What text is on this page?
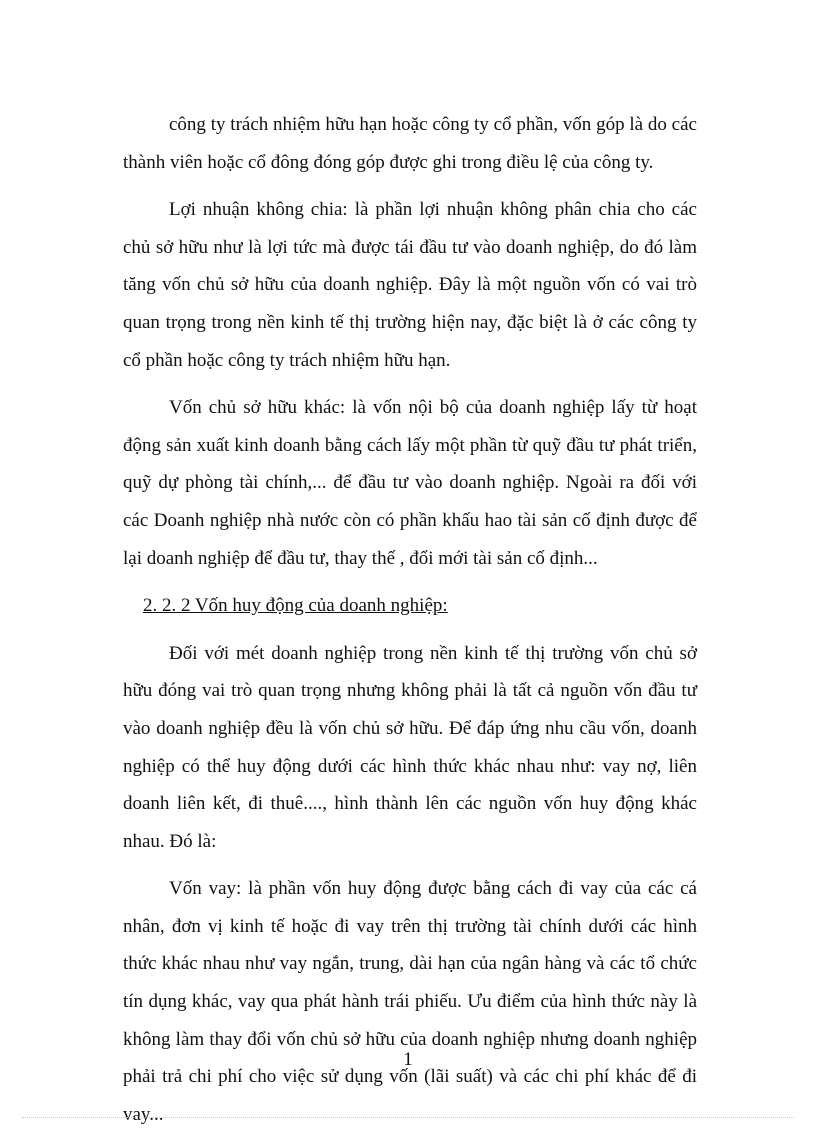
công ty trách nhiệm hữu hạn hoặc công ty cổ phần, vốn góp là do các thành viên hoặc cổ đông đóng góp được ghi trong điều lệ của công ty.

Lợi nhuận không chia: là phần lợi nhuận không phân chia cho các chủ sở hữu như là lợi tức mà được tái đầu tư vào doanh nghiệp, do đó làm tăng vốn chủ sở hữu của doanh nghiệp. Đây là một nguồn vốn có vai trò quan trọng trong nền kinh tế thị trường hiện nay, đặc biệt là ở các công ty cổ phần hoặc công ty trách nhiệm hữu hạn.

Vốn chủ sở hữu khác: là vốn nội bộ của doanh nghiệp lấy từ hoạt động sản xuất kinh doanh bằng cách lấy một phần từ quỹ đầu tư phát triển, quỹ dự phòng tài chính,... để đầu tư vào doanh nghiệp. Ngoài ra đối với các Doanh nghiệp nhà nước còn có phần khấu hao tài sản cố định được để lại doanh nghiệp để đầu tư, thay thế , đổi mới tài sản cố định...

2. 2. 2 Vốn huy động của doanh nghiệp:

Đối với mét doanh nghiệp trong nền kinh tế thị trường vốn chủ sở hữu đóng vai trò quan trọng nhưng không phải là tất cả nguồn vốn đầu tư vào doanh nghiệp đều là vốn chủ sở hữu. Để đáp ứng nhu cầu vốn, doanh nghiệp có thể huy động dưới các hình thức khác nhau như: vay nợ, liên doanh liên kết, đi thuê...., hình thành lên các nguồn vốn huy động khác nhau. Đó là:

Vốn vay: là phần vốn huy động được bằng cách đi vay của các cá nhân, đơn vị kinh tế hoặc đi vay trên thị trường tài chính dưới các hình thức khác nhau như vay ngắn, trung, dài hạn của ngân hàng và các tổ chức tín dụng khác, vay qua phát hành trái phiếu. Ưu điểm của hình thức này là không làm thay đổi vốn chủ sở hữu của doanh nghiệp nhưng doanh nghiệp phải trả chi phí cho việc sử dụng vốn (lãi suất) và các chi phí khác để đi vay...

1
